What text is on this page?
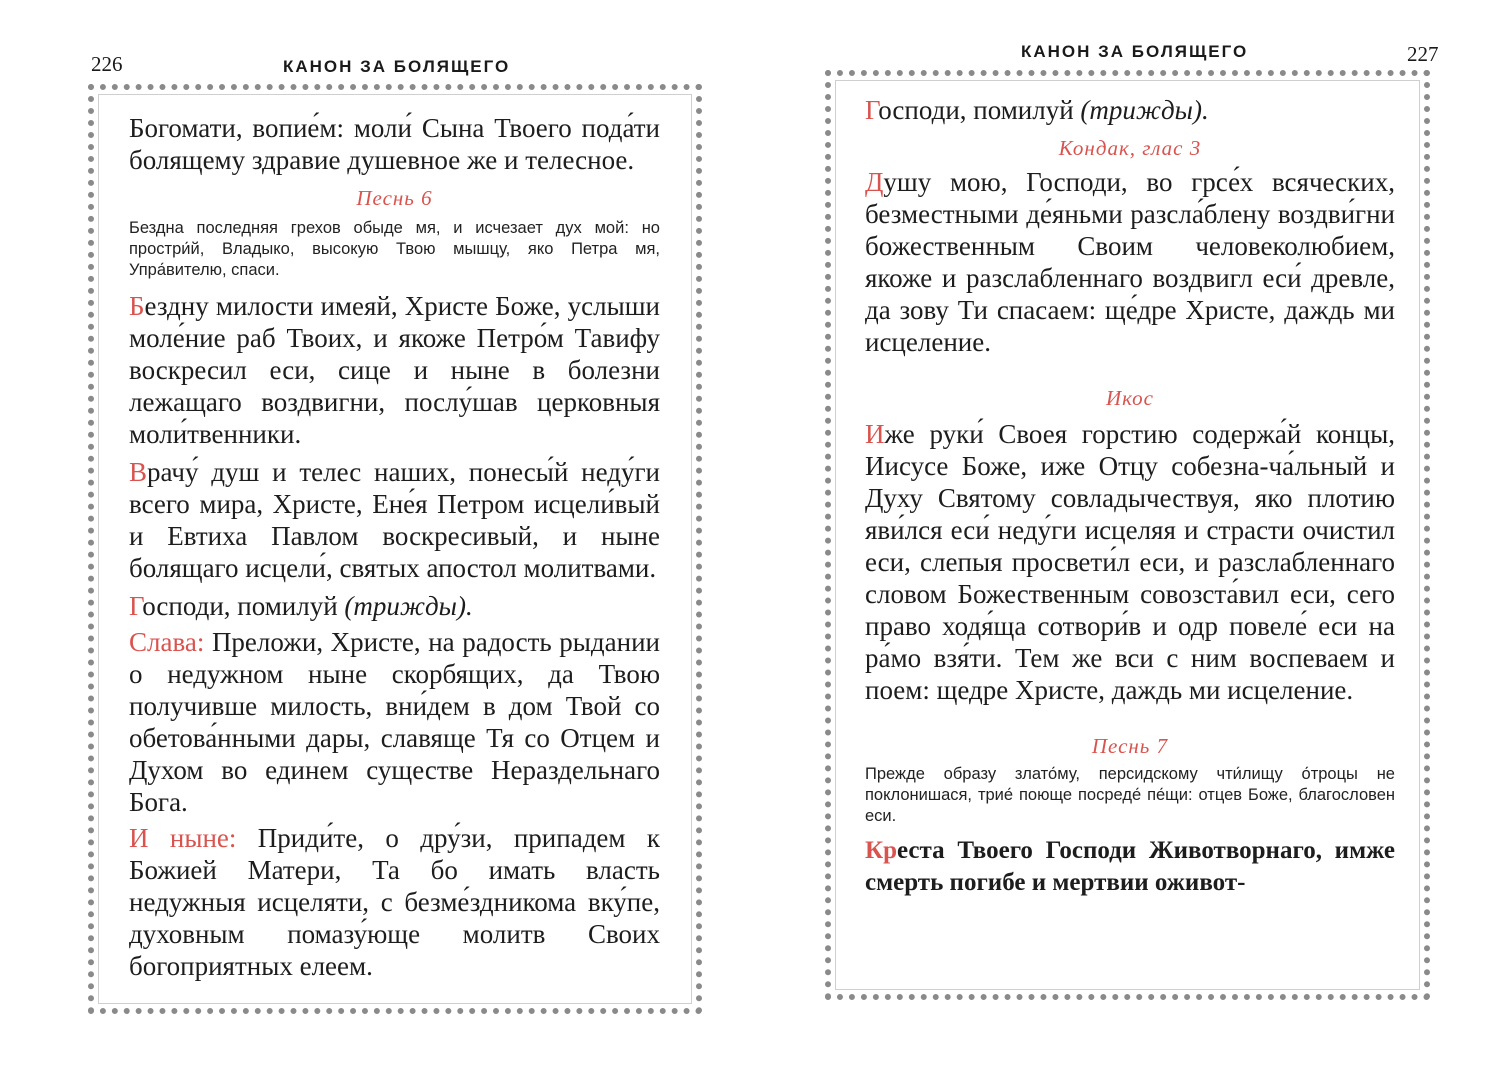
226	КАНОН ЗА БОЛЯЩЕГО

Богомати, вопие́м: моли́ Сына Твоего пода́ти болящему здравие душевное же и телесное.

Песнь 6

Бездна последняя грехов обыде мя, и исчезает дух мой: но простри́й, Владыко, высокую Твою мышцу, яко Петра мя, Упра́вителю, спаси.

Бездну милости имеяй, Христе Боже, услыши моле́ние раб Твоих, и якоже Петро́м Тавифу воскресил еси, сице и ныне в болезни лежащаго воздвигни, послу́шав церковныя моли́твенники.

Врачу́ душ и телес наших, понесы́й неду́ги всего мира, Христе, Ене́я Петром исцели́вый и Евтиха Павлом воскресивый, и ныне болящаго исцели́, святых апостол молитвами.

Господи, помилуй (трижды).

Слава: Преложи, Христе, на радость рыдании о недужном ныне скорбящих, да Твою получивше милость, вни́дем в дом Твой со обетова́нными дары, славяще Тя со Отцем и Духом во единем существе Нераздельнаго Бога.

И ныне: Приди́те, о дру́зи, припадем к Божией Матери, Та бо имать власть недужныя исцеляти, с безме́здникома вку́пе, духовным помазу́юще молитв Своих богоприятных елеем.

КАНОН ЗА БОЛЯЩЕГО	227

Господи, помилуй (трижды).

Кондак, глас 3

Душу мою, Господи, во грсе́х всяческих, безместными де́яньми разсла́блену воздви́гни божественным Своим человеколюбием, якоже и разслабленнаго воздвигл еси́ древле, да зову Ти спасаем: ще́дре Христе, даждь ми исцеление.

Икос

Иже руки́ Своея горстию содержа́й концы, Иисусе Боже, иже Отцу собезна-ча́льный и Духу Святому совладычествуя, яко плотию яви́лся еси́ неду́ги исцеляя и страсти очистил еси, слепыя просвети́л еси, и разслабленнаго словом Божественным совозста́вил еси, сего право ходя́ща сотвори́в и одр повеле́ еси на ра́мо взя́ти. Тем же вси с ним воспеваем и поем: щедре Христе, даждь ми исцеление.

Песнь 7

Прежде образу злато́му, персидскому чти́лищу о́троцы не поклонишася, трие́ поюще посреде́ пе́щи: отцев Боже, благословен еси.

Креста Твоего Господи Животворнаго, имже смерть погибе и мертвии оживот-
